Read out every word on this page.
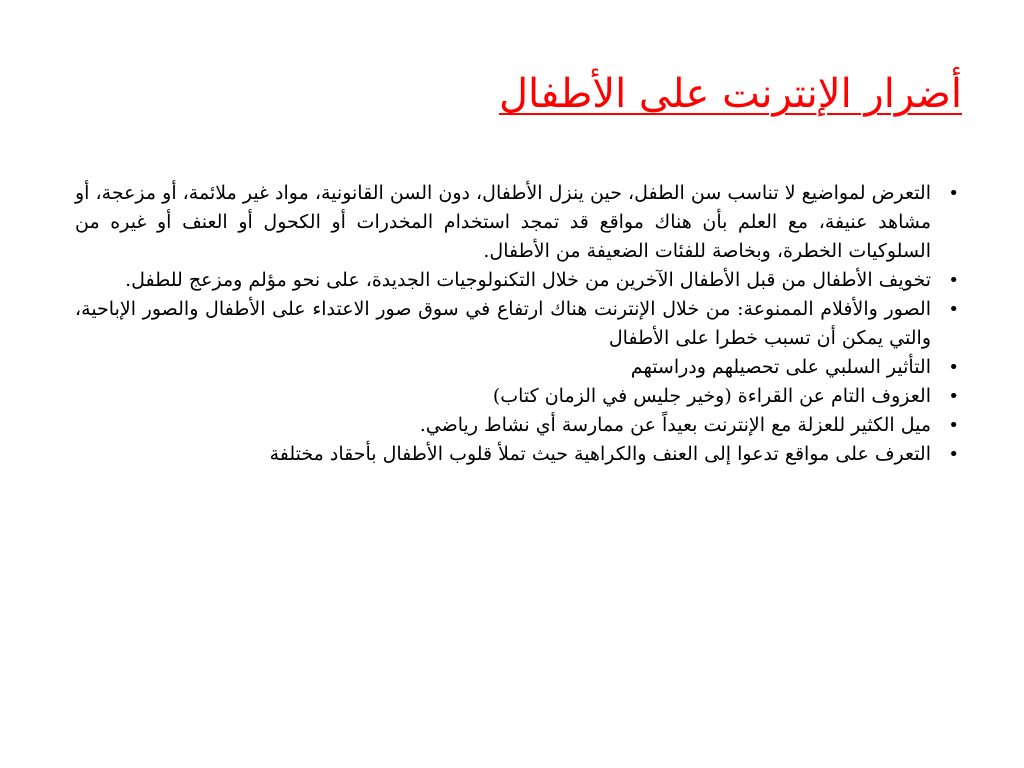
أضرار الإنترنت على الأطفال
• التعرض لمواضيع لا تناسب سن الطفل، حين ينزل الأطفال، دون السن القانونية، مواد غير ملائمة، أو مزعجة، أو مشاهد عنيفة، مع العلم بأن هناك مواقع قد تمجد استخدام المخدرات أو الكحول أو العنف أو غيره من السلوكيات الخطرة، وبخاصة للفئات الضعيفة من الأطفال.
• تخويف الأطفال من قبل الأطفال الآخرين من خلال التكنولوجيات الجديدة، على نحو مؤلم ومزعج للطفل.
• الصور والأفلام الممنوعة: من خلال الإنترنت هناك ارتفاع في سوق صور الاعتداء على الأطفال والصور الإباحية، والتي يمكن أن تسبب خطرا على الأطفال
• التأثير السلبي على تحصيلهم ودراستهم
• العزوف التام عن القراءة (وخير جليس في الزمان كتاب)
• ميل الكثير للعزلة مع الإنترنت بعيداً عن ممارسة أي نشاط رياضي.
• التعرف على مواقع تدعوا إلى العنف والكراهية حيث تملأ قلوب الأطفال بأحقاد مختلفة
